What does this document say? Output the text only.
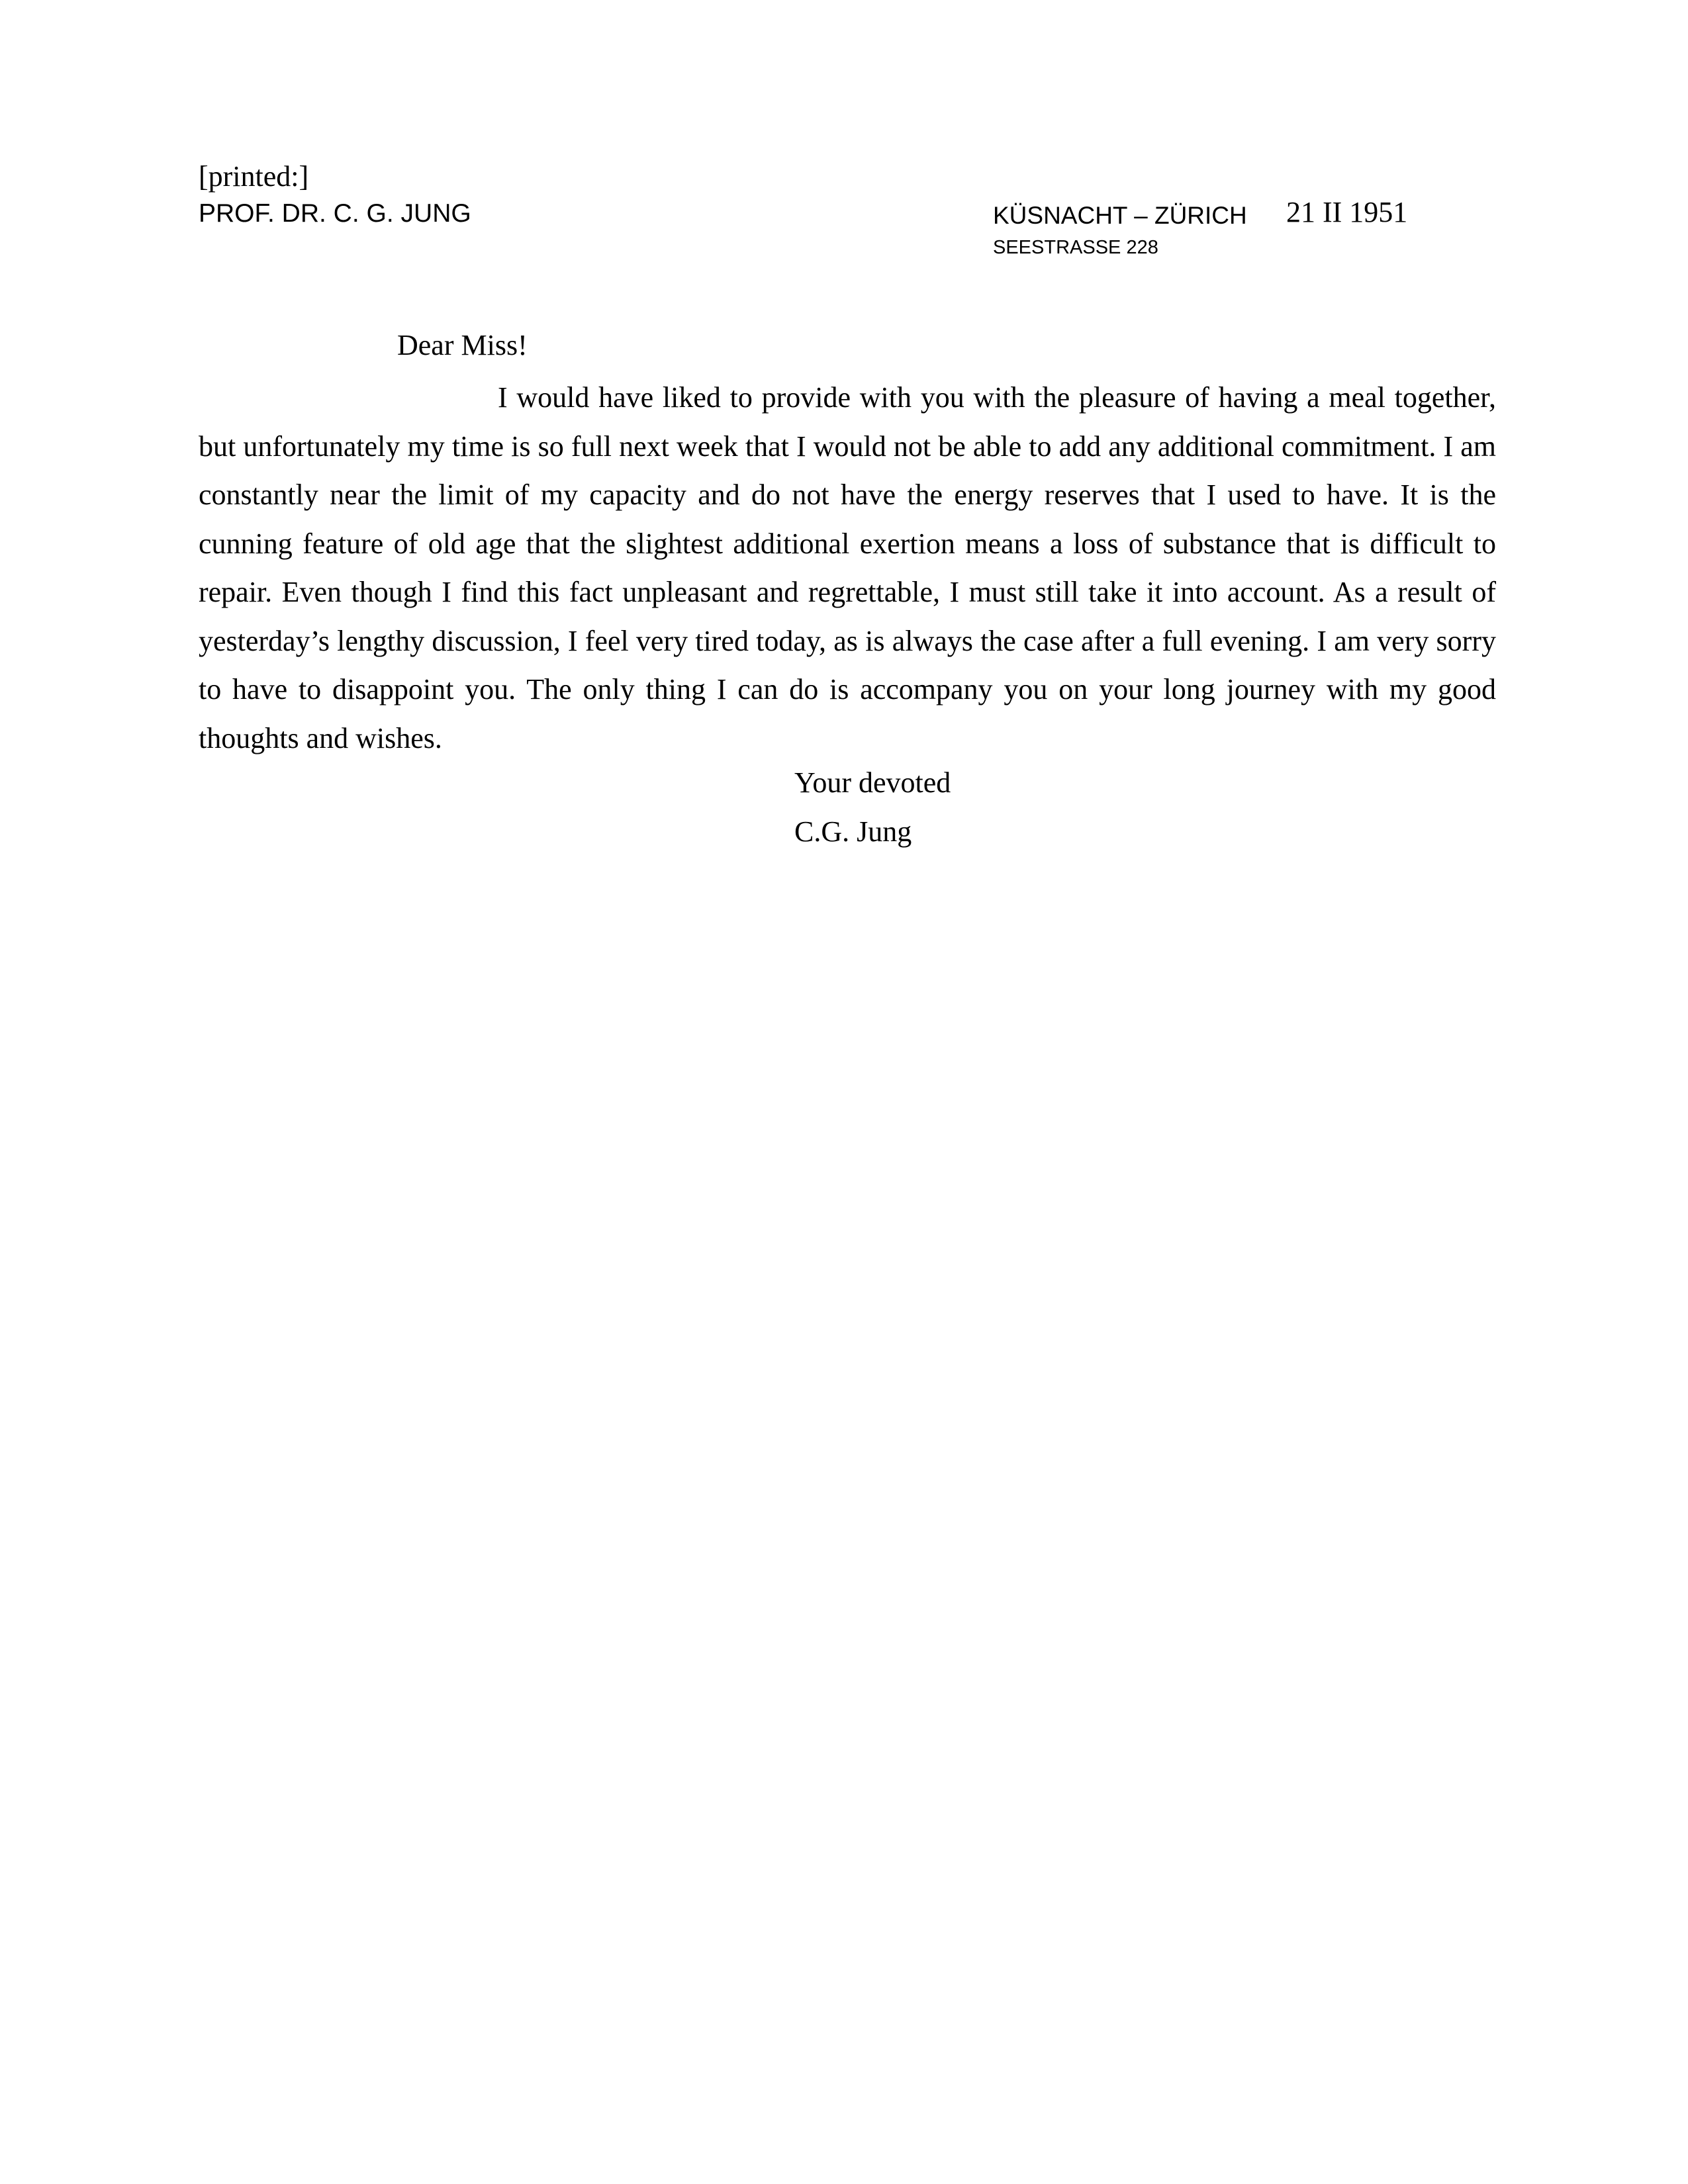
[printed:]
PROF. DR. C. G. JUNG	KÜSNACHT – ZÜRICH 21 II 1951
SEESTRASSE 228
Dear Miss!

I would have liked to provide with you with the pleasure of having a meal together, but unfortunately my time is so full next week that I would not be able to add any additional commitment. I am constantly near the limit of my capacity and do not have the energy reserves that I used to have. It is the cunning feature of old age that the slightest additional exertion means a loss of substance that is difficult to repair. Even though I find this fact unpleasant and regrettable, I must still take it into account. As a result of yesterday’s lengthy discussion, I feel very tired today, as is always the case after a full evening. I am very sorry to have to disappoint you. The only thing I can do is accompany you on your long journey with my good thoughts and wishes.

Your devoted
C.G. Jung
